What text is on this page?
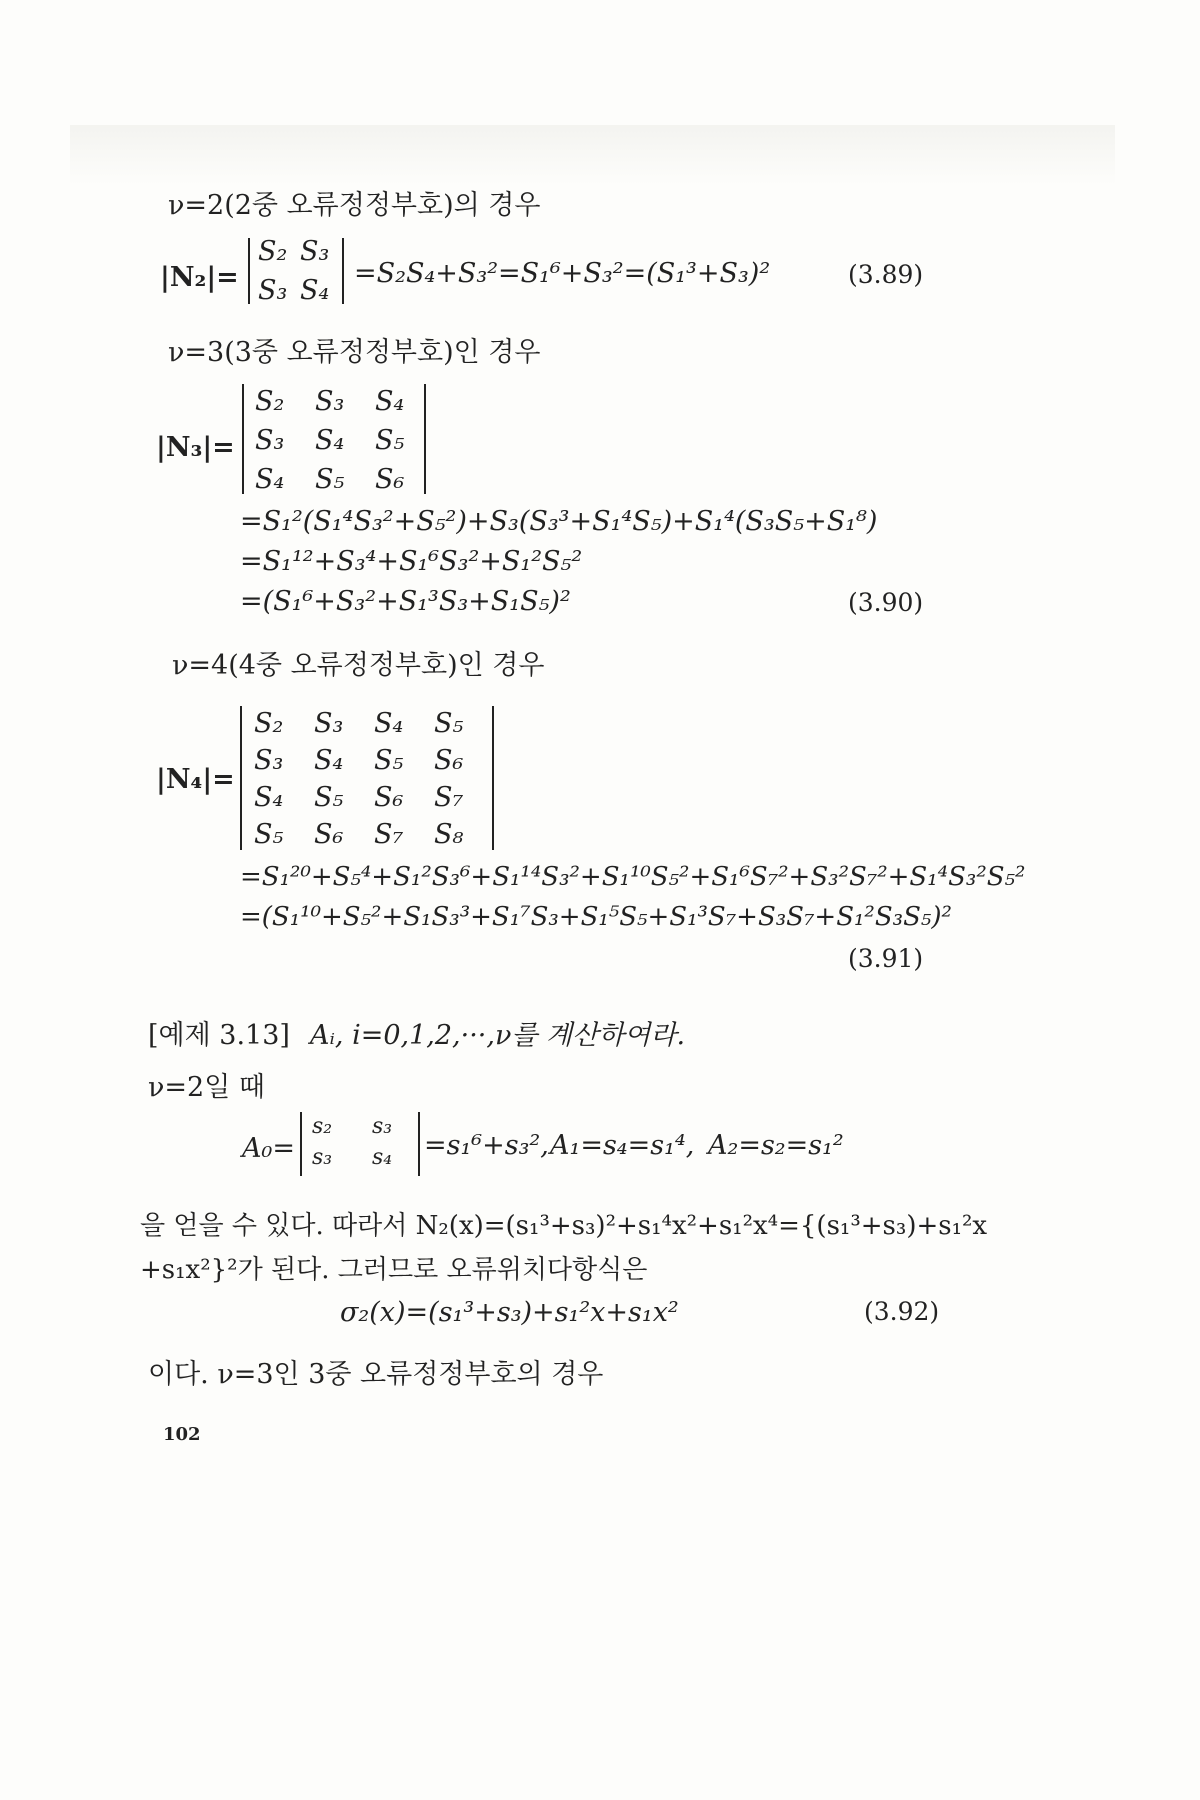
ν=2(2중 오류정정부호)의 경우
|N₂|=
S₂ S₃
S₃ S₄
=S₂S₄+S₃²=S₁⁶+S₃²=(S₁³+S₃)²	(3.89)
ν=3(3중 오류정정부호)인 경우
|N₃|=
S₂	S₃	S₄
S₃	S₄	S₅
S₄	S₅	S₆
=S₁²(S₁⁴S₃²+S₅²)+S₃(S₃³+S₁⁴S₅)+S₁⁴(S₃S₅+S₁⁸)
=S₁¹²+S₃⁴+S₁⁶S₃²+S₁²S₅²
=(S₁⁶+S₃²+S₁³S₃+S₁S₅)²	(3.90)
ν=4(4중 오류정정부호)인 경우
|N₄|=
S₂	S₃	S₄	S₅
S₃	S₄	S₅	S₆
S₄	S₅	S₆	S₇
S₅	S₆	S₇	S₈
=S₁²⁰+S₅⁴+S₁²S₃⁶+S₁¹⁴S₃²+S₁¹⁰S₅²+S₁⁶S₇²+S₃²S₇²+S₁⁴S₃²S₅²
=(S₁¹⁰+S₅²+S₁S₃³+S₁⁷S₃+S₁⁵S₅+S₁³S₇+S₃S₇+S₁²S₃S₅)²
(3.91)
[예제 3.13] Aᵢ, i=0,1,2,···,ν를 계산하여라.
ν=2일 때
A₀=
s₂	s₃
s₃	s₄	=s₁⁶+s₃², A₁=s₄=s₁⁴, A₂=s₂=s₁²
을 얻을 수 있다. 따라서 N₂(x)=(s₁³+s₃)²+s₁⁴x²+s₁²x⁴={(s₁³+s₃)+s₁²x
+s₁x²}²가 된다. 그러므로 오류위치다항식은
σ₂(x)=(s₁³+s₃)+s₁²x+s₁x²	(3.92)
이다. ν=3인 3중 오류정정부호의 경우
102
